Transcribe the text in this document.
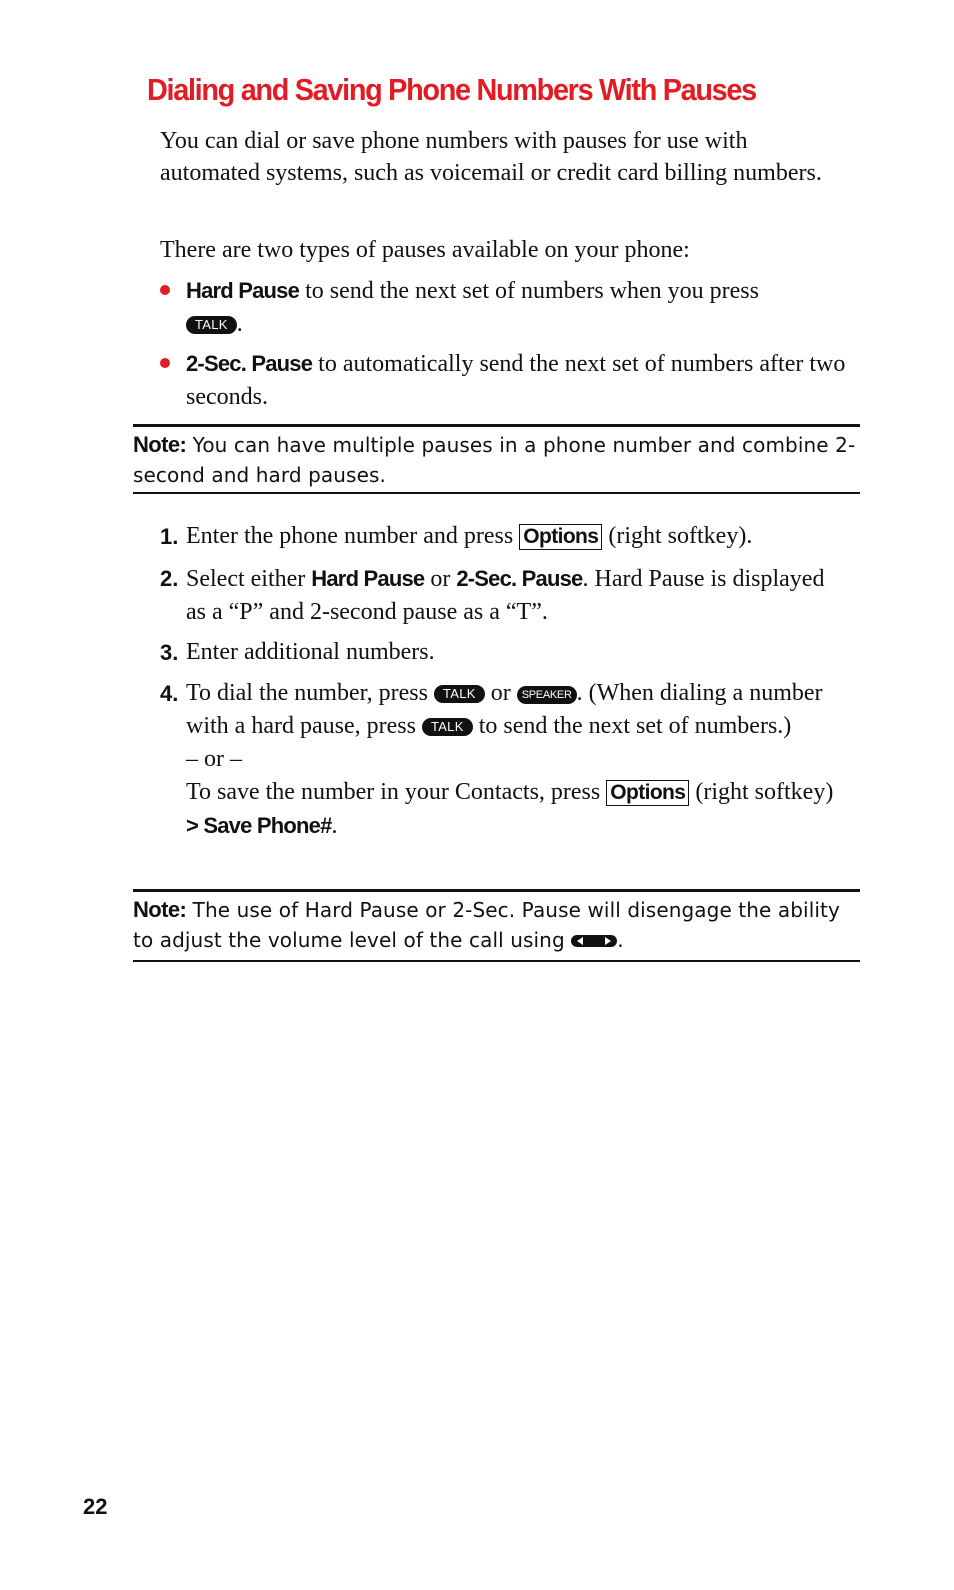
Dialing and Saving Phone Numbers With Pauses

You can dial or save phone numbers with pauses for use with automated systems, such as voicemail or credit card billing numbers.

There are two types of pauses available on your phone:

Hard Pause to send the next set of numbers when you press
TALK .
2-Sec. Pause to automatically send the next set of numbers after two seconds.

Note: You can have multiple pauses in a phone number and combine 2-second and hard pauses.

1. Enter the phone number and press Options (right softkey).
2. Select either Hard Pause or 2-Sec. Pause. Hard Pause is displayed as a “P” and 2-second pause as a “T”.
3. Enter additional numbers.
4. To dial the number, press TALK or SPEAKER . (When dialing a number with a hard pause, press TALK to send the next set of numbers.)
– or –
To save the number in your Contacts, press Options (right softkey) > Save Phone#.

Note: The use of Hard Pause or 2-Sec. Pause will disengage the ability to adjust the volume level of the call using
.

22
